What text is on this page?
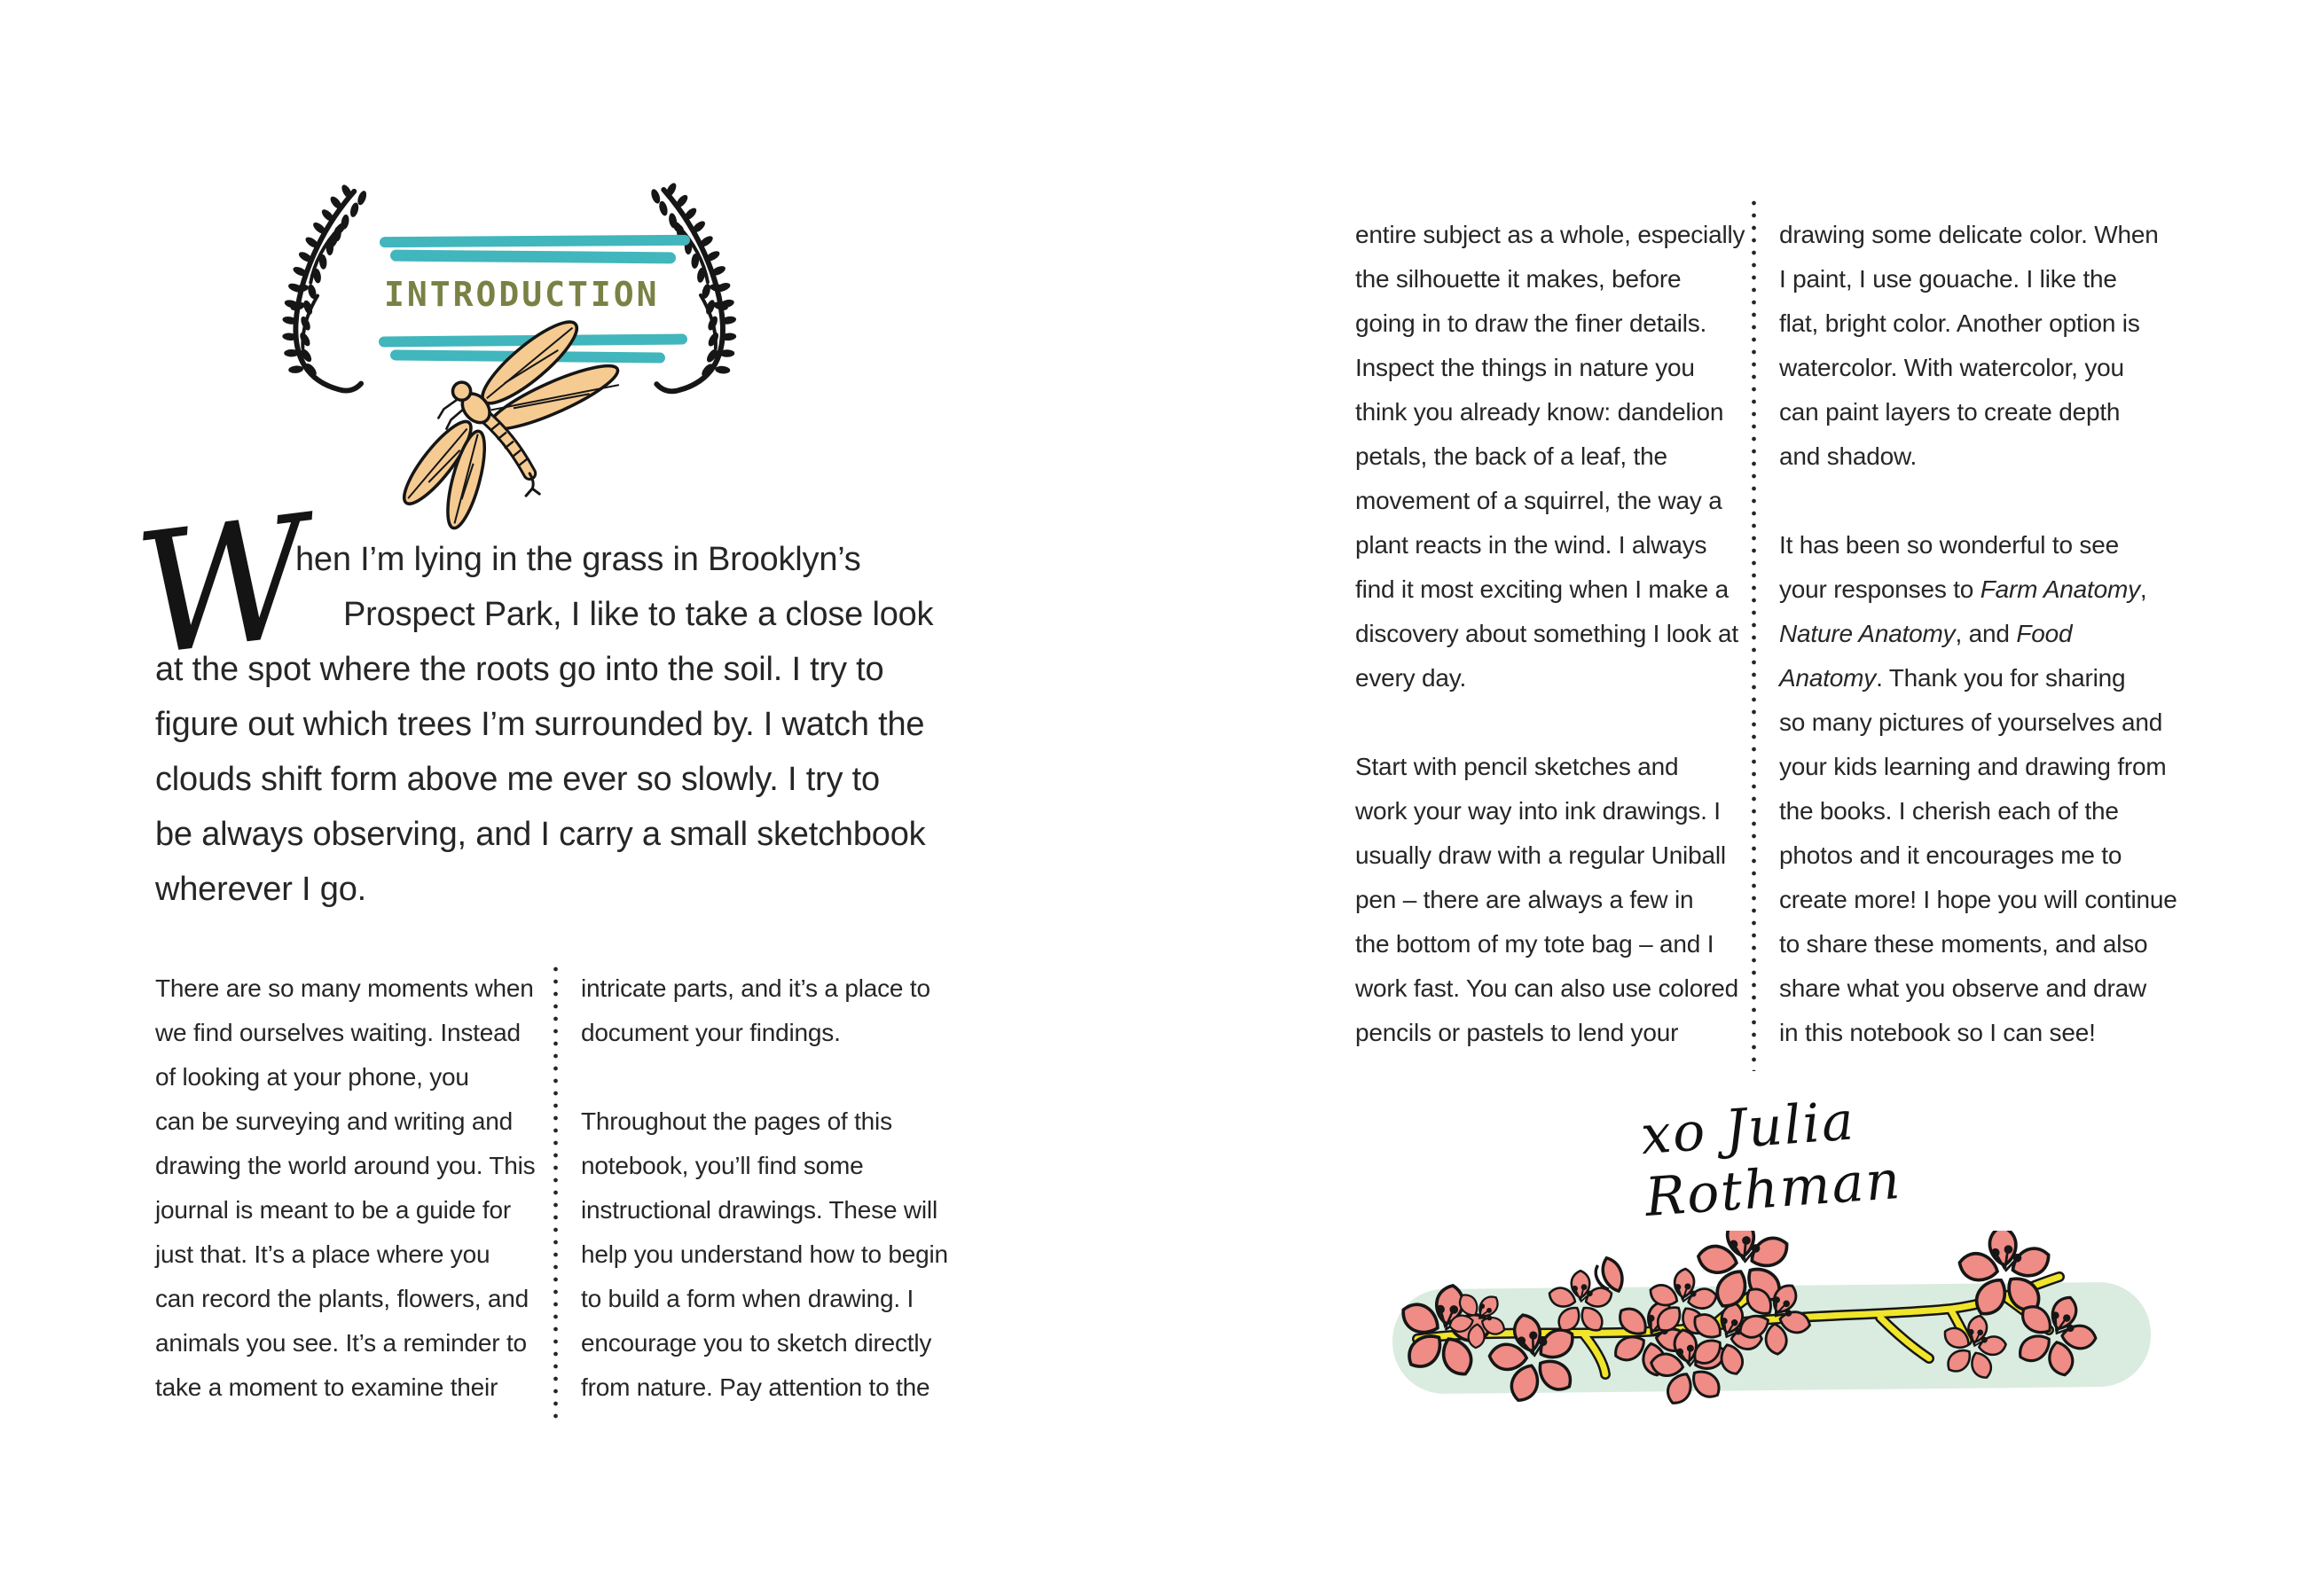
INTRODUCTION
W
hen I’m lying in the grass in Brooklyn’s
Prospect Park, I like to take a close look
at the spot where the roots go into the soil. I try to
figure out which trees I’m surrounded by. I watch the
clouds shift form above me ever so slowly. I try to
be always observing, and I carry a small sketchbook
wherever I go.
There are so many moments when
we find ourselves waiting. Instead
of looking at your phone, you
can be surveying and writing and
drawing the world around you. This
journal is meant to be a guide for
just that. It’s a place where you
can record the plants, flowers, and
animals you see. It’s a reminder to
take a moment to examine their
intricate parts, and it’s a place to
document your findings.
Throughout the pages of this
notebook, you’ll find some
instructional drawings. These will
help you understand how to begin
to build a form when drawing. I
encourage you to sketch directly
from nature. Pay attention to the
entire subject as a whole, especially
the silhouette it makes, before
going in to draw the finer details.
Inspect the things in nature you
think you already know: dandelion
petals, the back of a leaf, the
movement of a squirrel, the way a
plant reacts in the wind. I always
find it most exciting when I make a
discovery about something I look at
every day.
Start with pencil sketches and
work your way into ink drawings. I
usually draw with a regular Uniball
pen – there are always a few in
the bottom of my tote bag – and I
work fast. You can also use colored
pencils or pastels to lend your
drawing some delicate color. When
I paint, I use gouache. I like the
flat, bright color. Another option is
watercolor. With watercolor, you
can paint layers to create depth
and shadow.
It has been so wonderful to see
your responses to Farm Anatomy,
Nature Anatomy, and Food
Anatomy. Thank you for sharing
so many pictures of yourselves and
your kids learning and drawing from
the books. I cherish each of the
photos and it encourages me to
create more! I hope you will continue
to share these moments, and also
share what you observe and draw
in this notebook so I can see!
xo Julia Rothman
